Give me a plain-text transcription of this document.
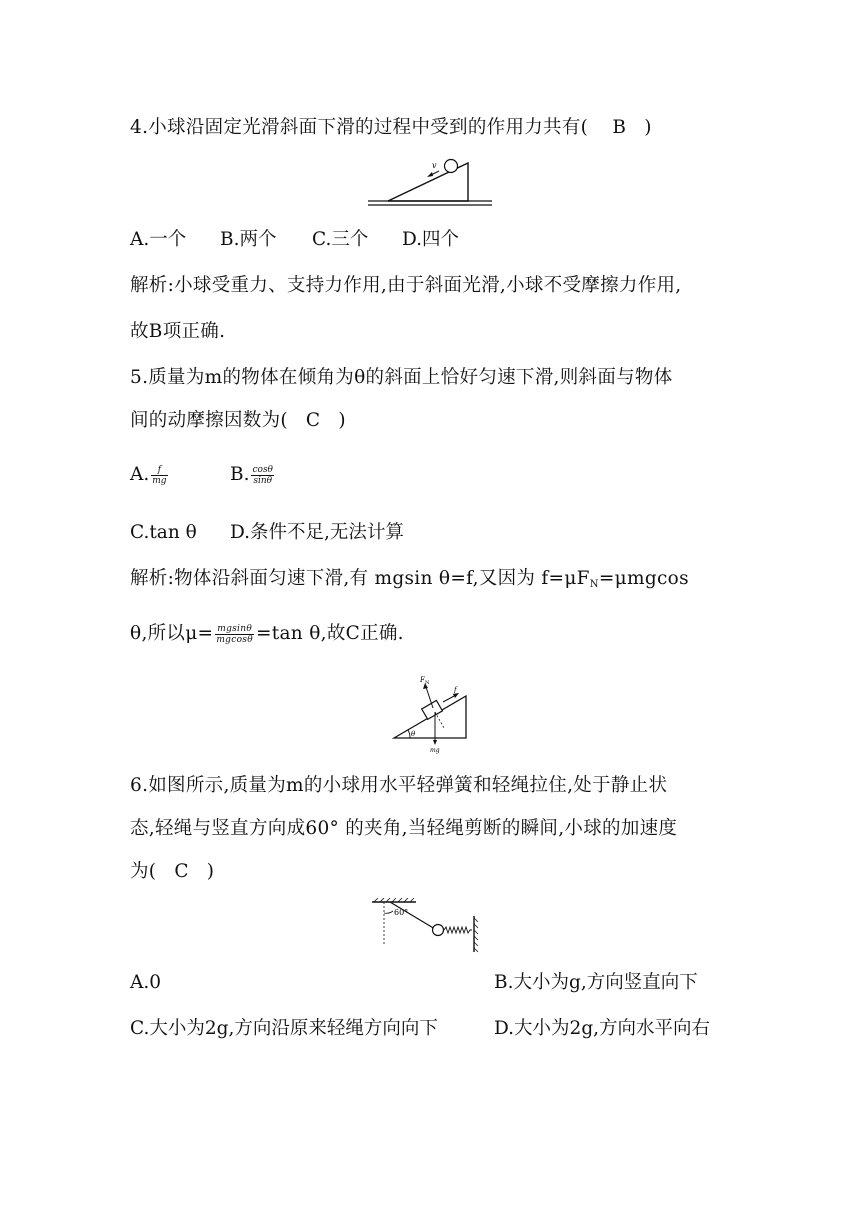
4.小球沿固定光滑斜面下滑的过程中受到的作用力共有( B )
v
A.一个 B.两个 C.三个 D.四个
解析:小球受重力、支持力作用,由于斜面光滑,小球不受摩擦力作用,
故B项正确.
5.质量为m的物体在倾角为θ的斜面上恰好匀速下滑,则斜面与物体
间的动摩擦因数为( C )
A. $\frac{f}{mg}$	B. $\frac{\cos\theta}{\sin\theta}$
C.tan θ D.条件不足,无法计算
解析:物体沿斜面匀速下滑,有 mgsin θ=f,又因为 $f=\mu F_N=\mu mgcos$
θ,所以$\mu= \frac{mgsin\theta}{mgcos\theta} =\tan$ θ,故C正确.
θ
F N
f
mg
6.如图所示,质量为m的小球用水平轻弹簧和轻绳拉住,处于静止状
态,轻绳与竖直方向成60° 的夹角,当轻绳剪断的瞬间,小球的加速度
为( C )
60°
A.0	B.大小为g,方向竖直向下
C.大小为2g,方向沿原来轻绳方向向下	D.大小为2g,方向水平向右
